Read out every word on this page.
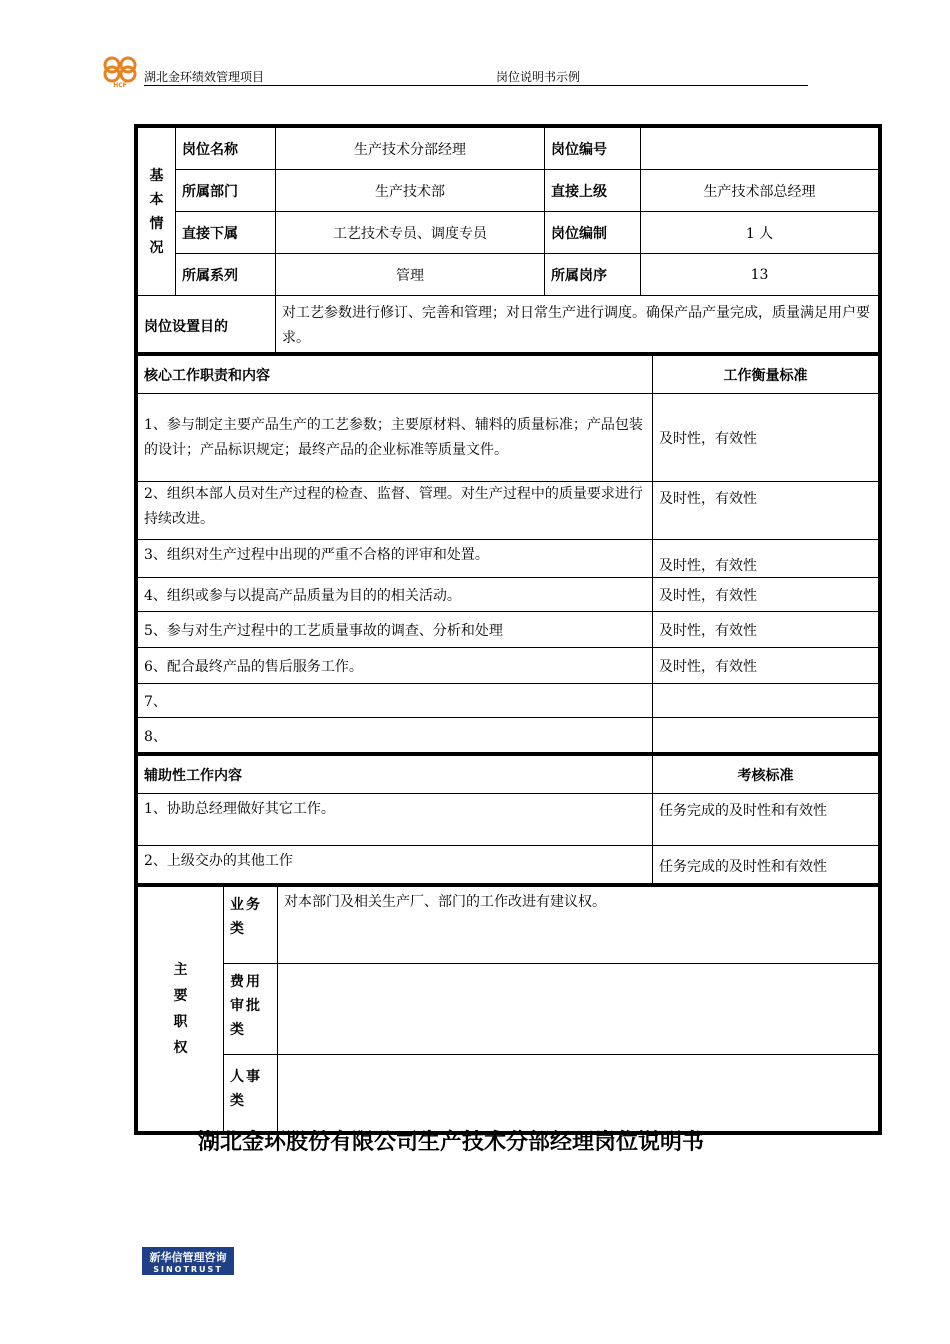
HCF
湖北金环绩效管理项目	岗位说明书示例
基本情况	岗位名称	生产技术分部经理	岗位编号	
	所属部门	生产技术部	直接上级	生产技术部总经理
	直接下属	工艺技术专员、调度专员	岗位编制	1 人
	所属系列	管理	所属岗序	13
岗位设置目的		对工艺参数进行修订、完善和管理；对日常生产进行调度。确保产品产量完成，质量满足用户要求。		
核心工作职责和内容	工作衡量标准
1、参与制定主要产品生产的工艺参数；主要原材料、辅料的质量标准；产品包装的设计；产品标识规定；最终产品的企业标准等质量文件。	及时性，有效性
2、组织本部人员对生产过程的检查、监督、管理。对生产过程中的质量要求进行持续改进。	及时性，有效性
3、组织对生产过程中出现的严重不合格的评审和处置。	及时性，有效性
4、组织或参与以提高产品质量为目的的相关活动。	及时性，有效性
5、参与对生产过程中的工艺质量事故的调查、分析和处理	及时性，有效性
6、配合最终产品的售后服务工作。	及时性，有效性
7、	
8、	
辅助性工作内容	考核标准
1、协助总经理做好其它工作。	任务完成的及时性和有效性
2、上级交办的其他工作	任务完成的及时性和有效性
主要职权	业务类	对本部门及相关生产厂、部门的工作改进有建议权。

	费用审批类	

	人事类	

湖北金环股份有限公司生产技术分部经理岗位说明书
新华信管理咨询
SINOTRUST
